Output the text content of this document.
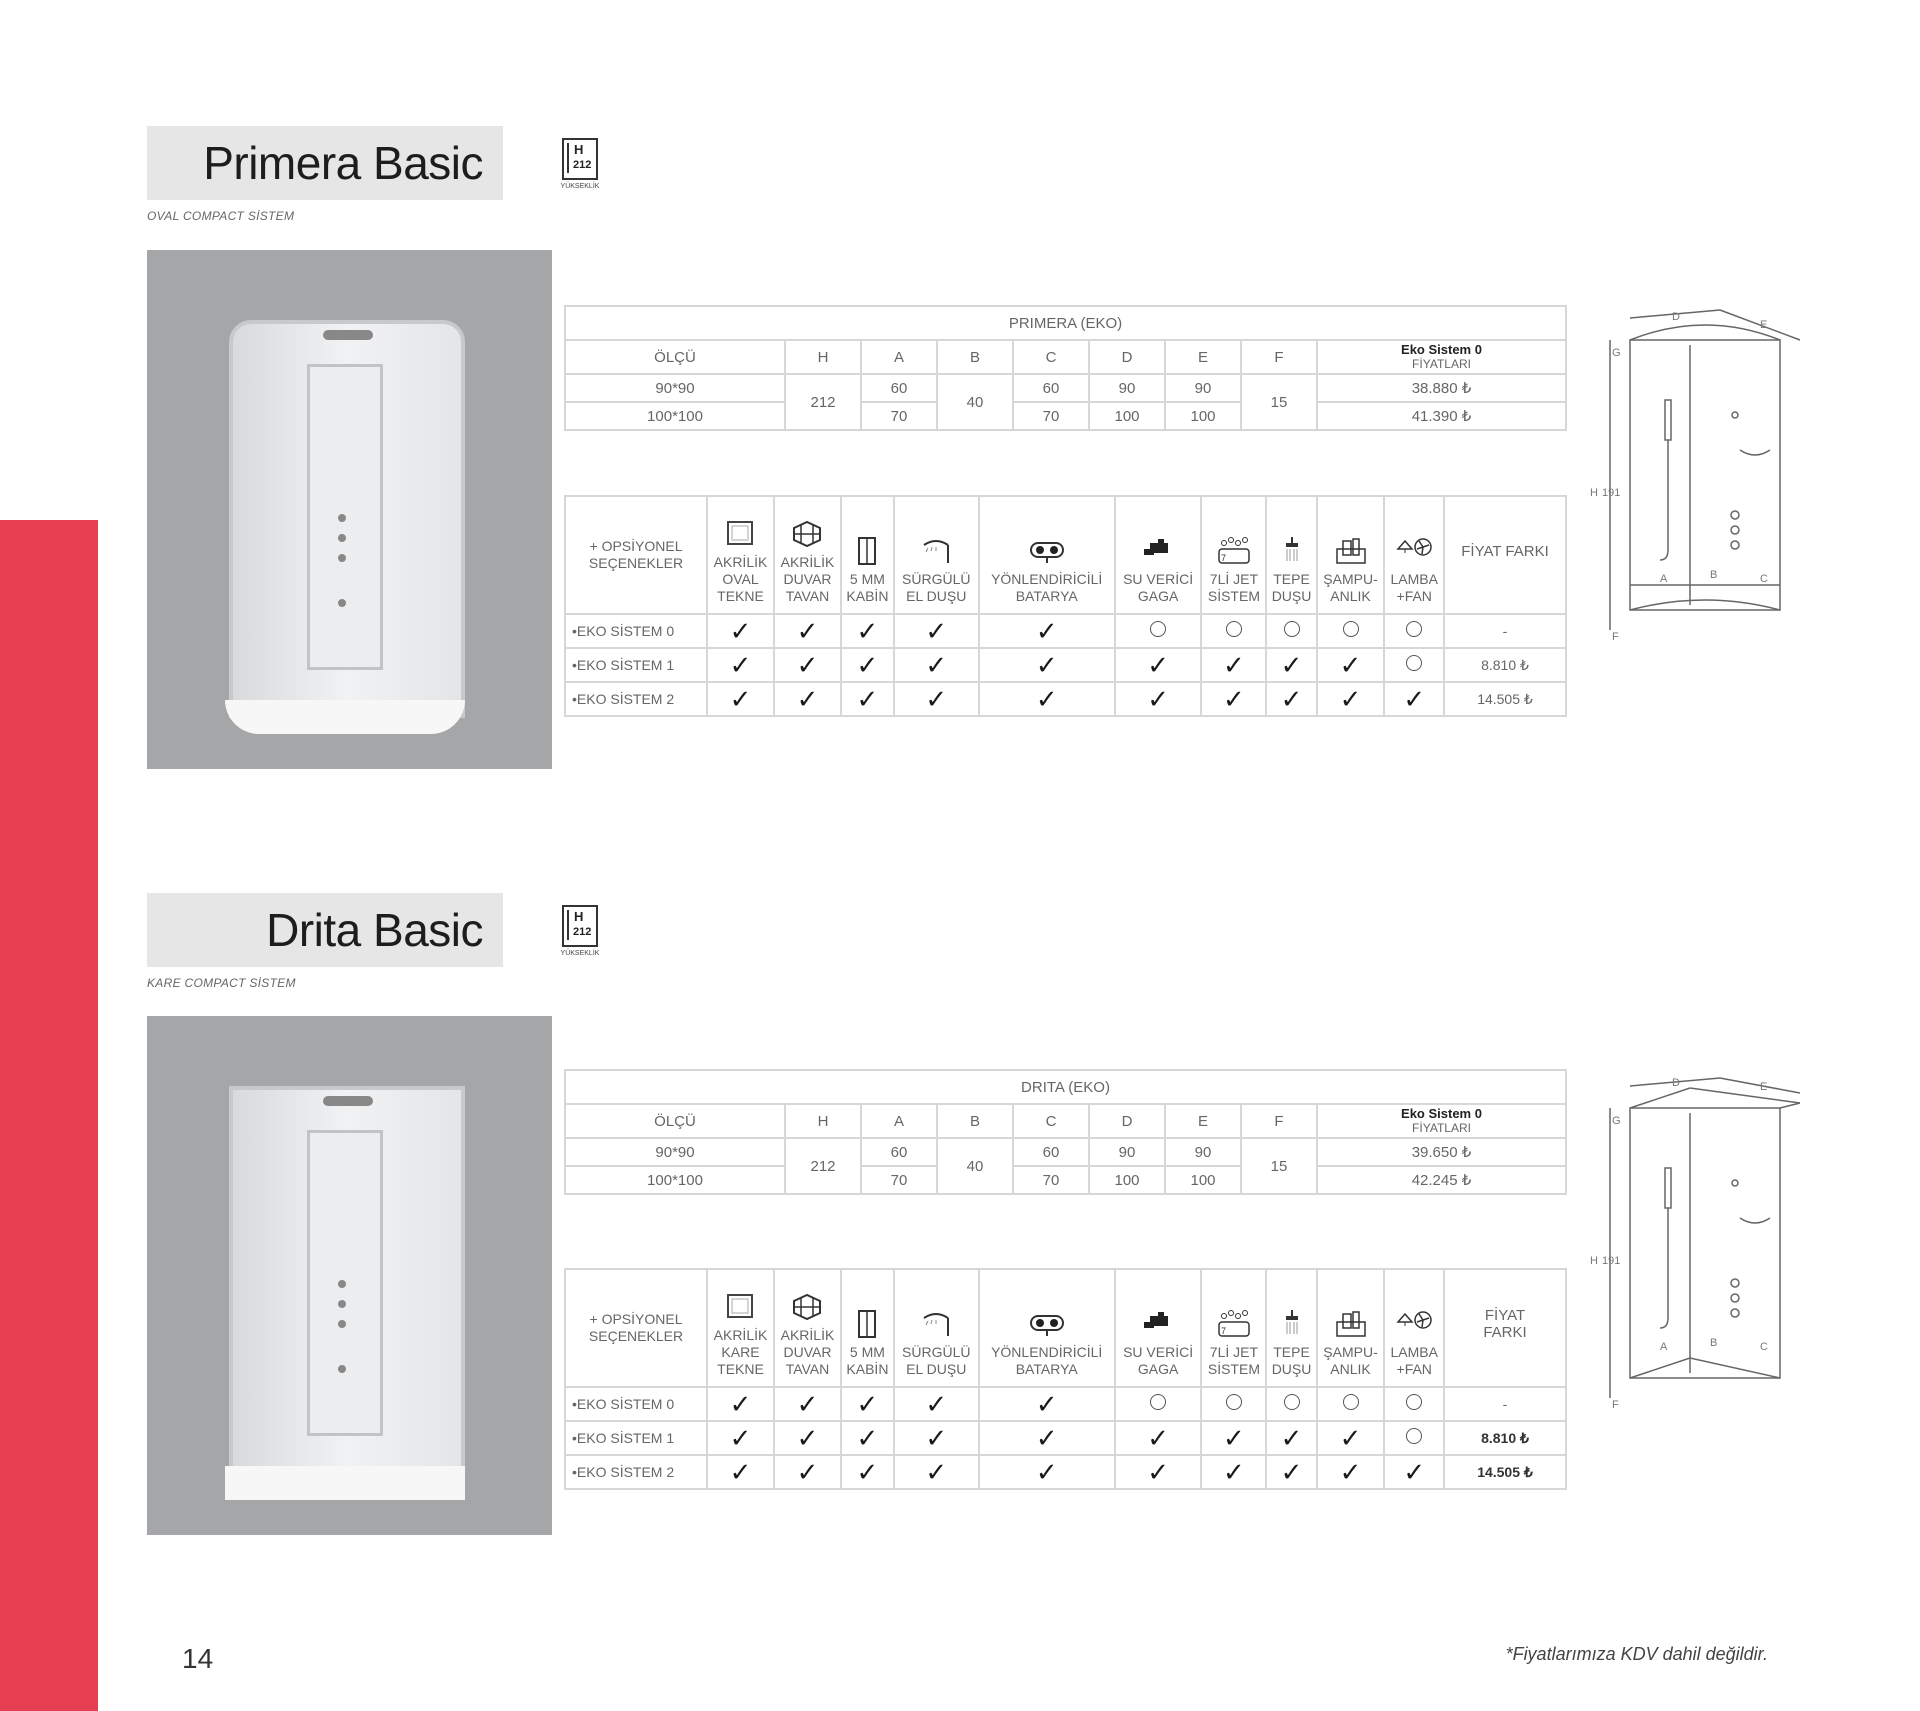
Primera Basic
OVAL COMPACT SİSTEM
H
212
YÜKSEKLİK
PRIMERA (EKO)								
ÖLÇÜ	H	A	B	C	D	E	F	Eko Sistem 0
FİYATLARI

90*90	212	60	40	60	90	90	15	38.880 ₺
100*100		70		70	100	100		41.390 ₺
+ OPSİYONEL
SEÇENEKLER	AKRİLİK
OVAL
TEKNE	AKRİLİK
DUVAR
TAVAN	5 MM
KABİN	SÜRGÜLÜ
EL DUŞU	YÖNLENDİRİCİLİ
BATARYA	SU VERİCİ
GAGA	7
7Lİ JET
SİSTEM	TEPE
DUŞU	ŞAMPU-
ANLIK	LAMBA
+FAN	FİYAT FARKI
•EKO SİSTEM 0	✓	✓	✓	✓	✓						-
•EKO SİSTEM 1	✓	✓	✓	✓	✓	✓	✓	✓	✓		8.810 ₺
•EKO SİSTEM 2	✓	✓	✓	✓	✓	✓	✓	✓	✓	✓	14.505 ₺
D
E
H 191
A	B	C
F
G
Drita Basic
KARE COMPACT SİSTEM
H
212
YÜKSEKLİK
DRITA (EKO)								
ÖLÇÜ	H	A	B	C	D	E	F	Eko Sistem 0
FİYATLARI

90*90	212	60	40	60	90	90	15	39.650 ₺
100*100		70		70	100	100		42.245 ₺
+ OPSİYONEL
SEÇENEKLER	AKRİLİK
KARE
TEKNE	AKRİLİK
DUVAR
TAVAN	5 MM
KABİN	SÜRGÜLÜ
EL DUŞU	YÖNLENDİRİCİLİ
BATARYA	SU VERİCİ
GAGA	7
7Lİ JET
SİSTEM	TEPE
DUŞU	ŞAMPU-
ANLIK	LAMBA
+FAN	FİYAT
FARKI
•EKO SİSTEM 0	✓	✓	✓	✓	✓						-
•EKO SİSTEM 1	✓	✓	✓	✓	✓	✓	✓	✓	✓		8.810 ₺
•EKO SİSTEM 2	✓	✓	✓	✓	✓	✓	✓	✓	✓	✓	14.505 ₺
D	E
H 191
A	B	C
F
G
14	*Fiyatlarımıza KDV dahil değildir.
